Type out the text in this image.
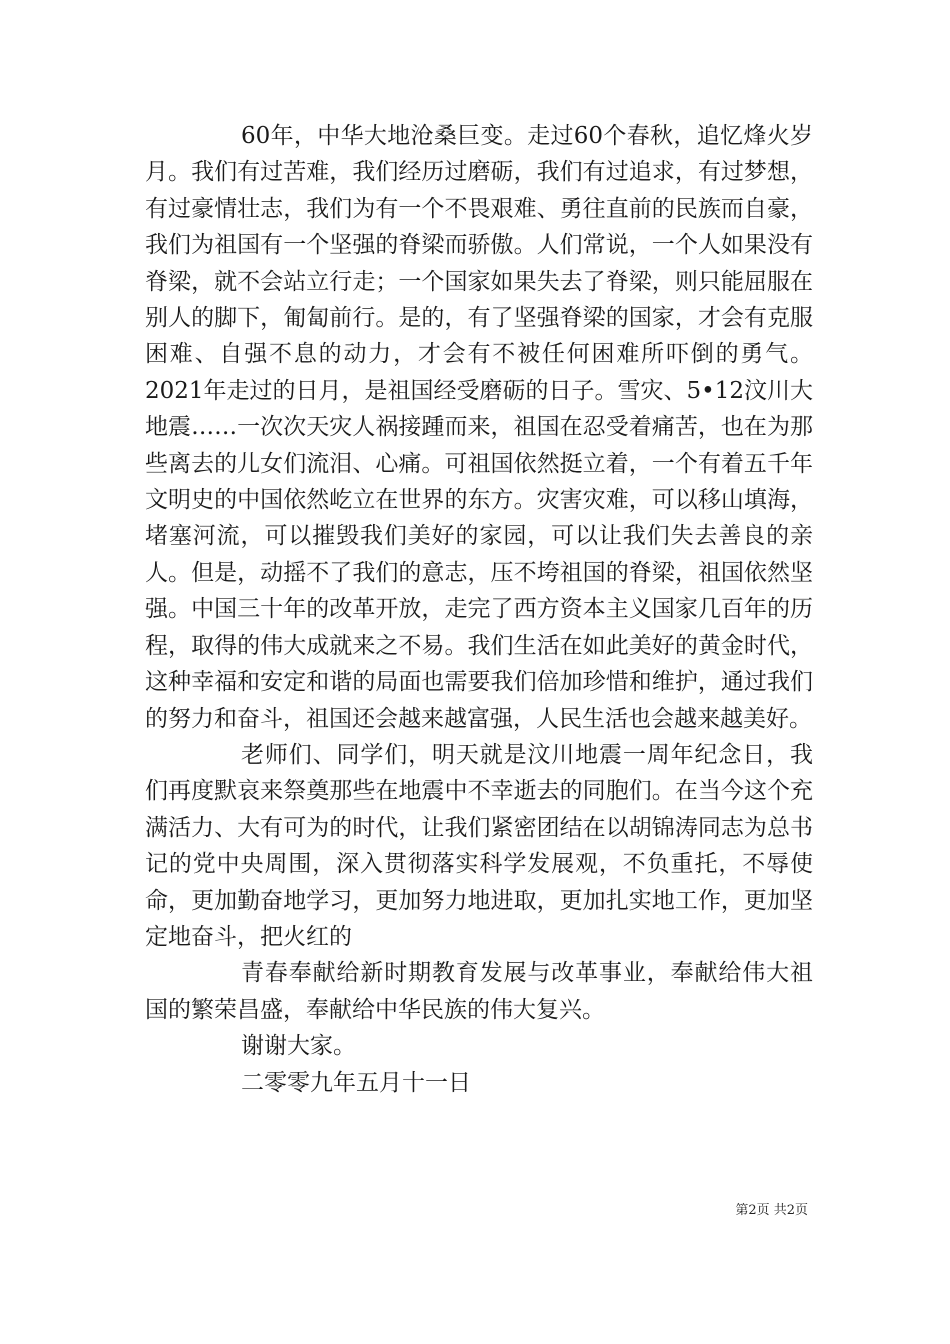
60年，中华大地沧桑巨变。走过60个春秋，追忆烽火岁月。我们有过苦难，我们经历过磨砺，我们有过追求，有过梦想，有过豪情壮志，我们为有一个不畏艰难、勇往直前的民族而自豪，我们为祖国有一个坚强的脊梁而骄傲。人们常说，一个人如果没有脊梁，就不会站立行走；一个国家如果失去了脊梁，则只能屈服在别人的脚下，匍匐前行。是的，有了坚强脊梁的国家，才会有克服困难、自强不息的动力，才会有不被任何困难所吓倒的勇气。2021年走过的日月，是祖国经受磨砺的日子。雪灾、5•12汶川大地震……一次次天灾人祸接踵而来，祖国在忍受着痛苦，也在为那些离去的儿女们流泪、心痛。可祖国依然挺立着，一个有着五千年文明史的中国依然屹立在世界的东方。灾害灾难，可以移山填海，堵塞河流，可以摧毁我们美好的家园，可以让我们失去善良的亲人。但是，动摇不了我们的意志，压不垮祖国的脊梁，祖国依然坚强。中国三十年的改革开放，走完了西方资本主义国家几百年的历程，取得的伟大成就来之不易。我们生活在如此美好的黄金时代，这种幸福和安定和谐的局面也需要我们倍加珍惜和维护，通过我们的努力和奋斗，祖国还会越来越富强，人民生活也会越来越美好。

老师们、同学们，明天就是汶川地震一周年纪念日，我们再度默哀来祭奠那些在地震中不幸逝去的同胞们。在当今这个充满活力、大有可为的时代，让我们紧密团结在以胡锦涛同志为总书记的党中央周围，深入贯彻落实科学发展观，不负重托，不辱使命，更加勤奋地学习，更加努力地进取，更加扎实地工作，更加坚定地奋斗，把火红的

青春奉献给新时期教育发展与改革事业，奉献给伟大祖国的繁荣昌盛，奉献给中华民族的伟大复兴。

谢谢大家。

二零零九年五月十一日

第2页 共2页
